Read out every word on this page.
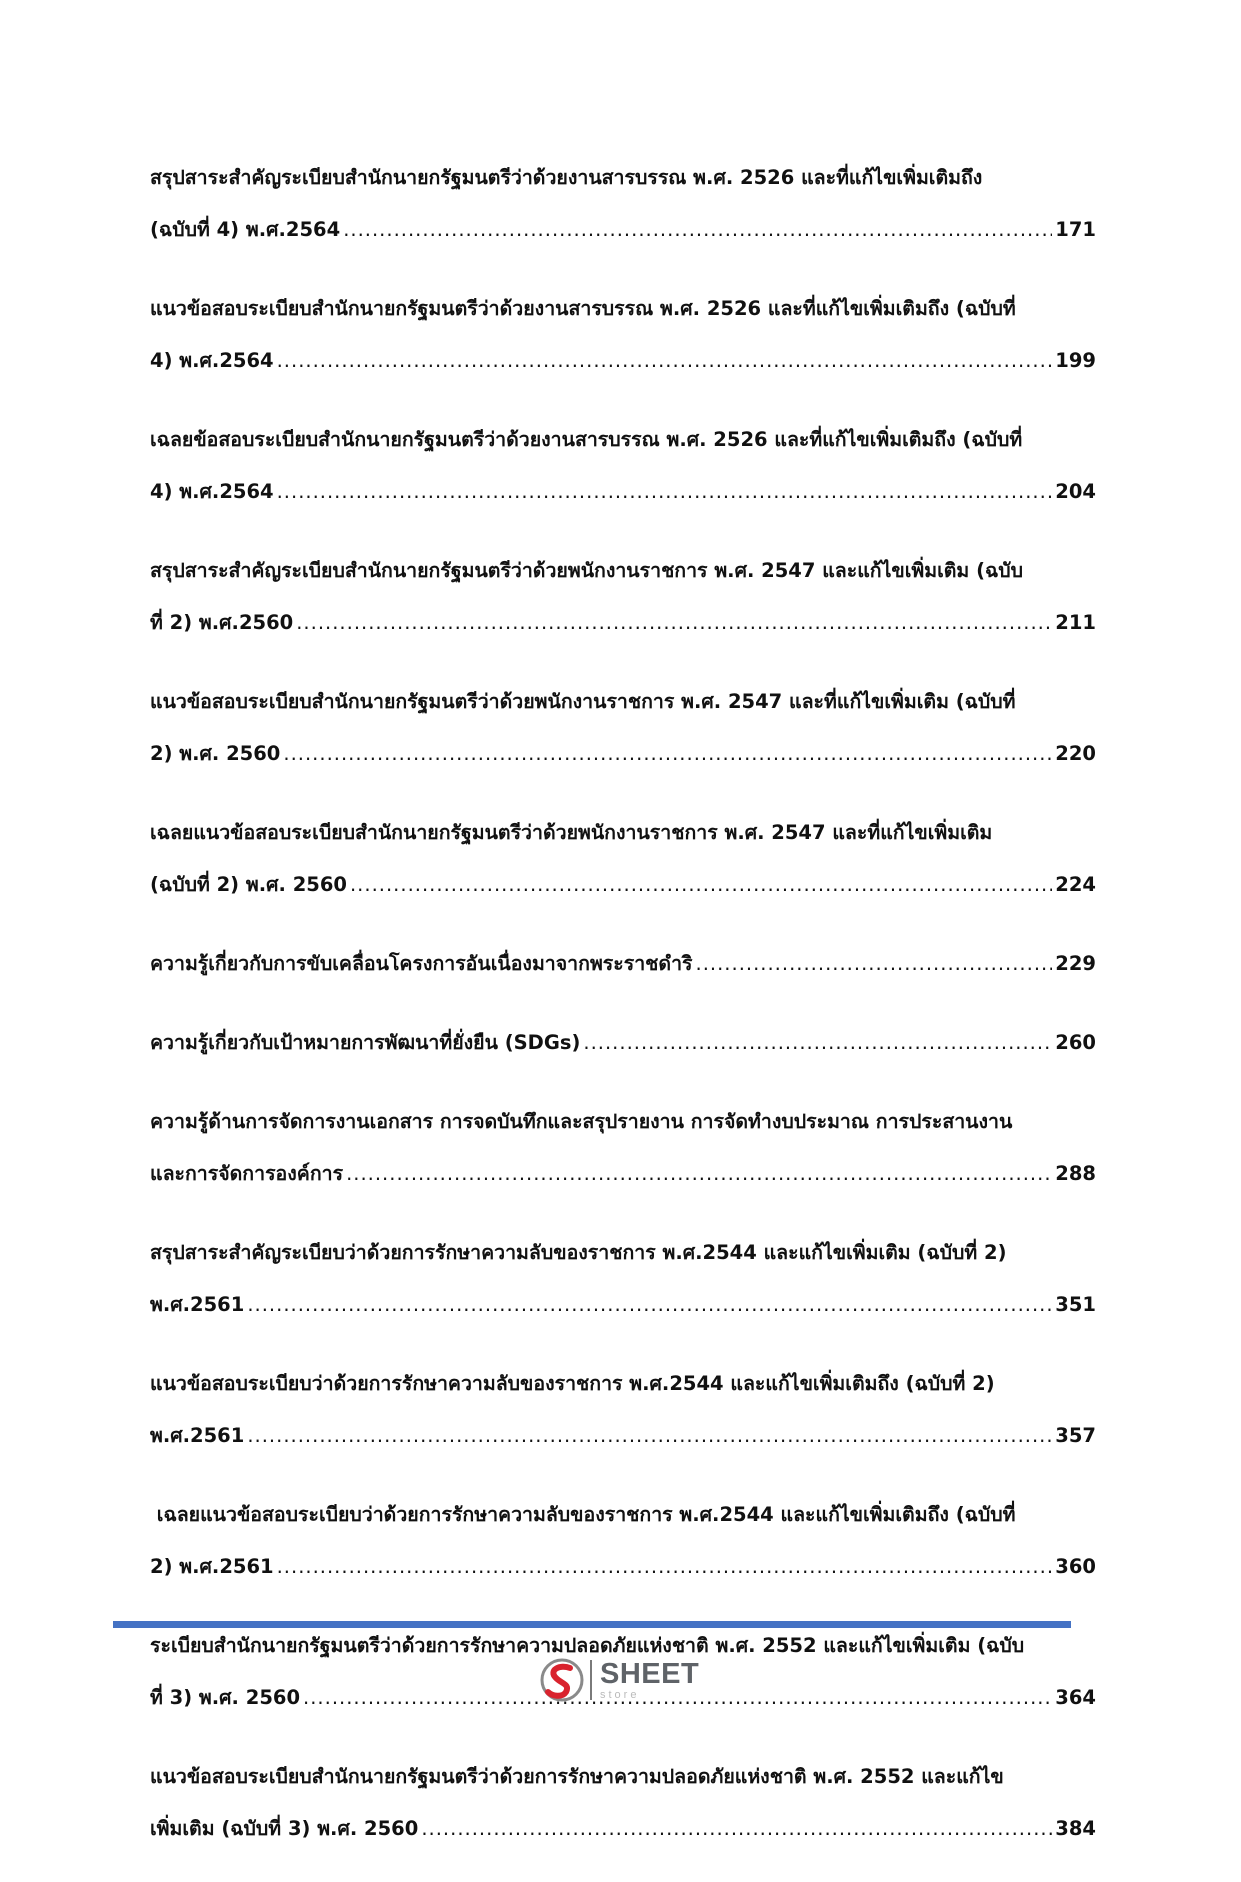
สรุปสาระสำคัญระเบียบสำนักนายกรัฐมนตรีว่าด้วยงานสารบรรณ พ.ศ. 2526 และที่แก้ไขเพิ่มเติมถึง
(ฉบับที่ 4) พ.ศ.2564 .....	171
แนวข้อสอบระเบียบสำนักนายกรัฐมนตรีว่าด้วยงานสารบรรณ พ.ศ. 2526 และที่แก้ไขเพิ่มเติมถึง (ฉบับที่
4) พ.ศ.2564 .....	199
เฉลยข้อสอบระเบียบสำนักนายกรัฐมนตรีว่าด้วยงานสารบรรณ พ.ศ. 2526 และที่แก้ไขเพิ่มเติมถึง (ฉบับที่
4) พ.ศ.2564 .....	204
สรุปสาระสำคัญระเบียบสำนักนายกรัฐมนตรีว่าด้วยพนักงานราชการ พ.ศ. 2547 และแก้ไขเพิ่มเติม (ฉบับ
ที่ 2) พ.ศ.2560 .....	211
แนวข้อสอบระเบียบสำนักนายกรัฐมนตรีว่าด้วยพนักงานราชการ พ.ศ. 2547 และที่แก้ไขเพิ่มเติม (ฉบับที่
2) พ.ศ. 2560 .....	220
เฉลยแนวข้อสอบระเบียบสำนักนายกรัฐมนตรีว่าด้วยพนักงานราชการ พ.ศ. 2547 และที่แก้ไขเพิ่มเติม
(ฉบับที่ 2) พ.ศ. 2560 .....	224
ความรู้เกี่ยวกับการขับเคลื่อนโครงการอันเนื่องมาจากพระราชดำริ .....	229
ความรู้เกี่ยวกับเป้าหมายการพัฒนาที่ยั่งยืน (SDGs) .....	260
ความรู้ด้านการจัดการงานเอกสาร การจดบันทึกและสรุปรายงาน การจัดทำงบประมาณ การประสานงาน
และการจัดการองค์การ .....	288
สรุปสาระสำคัญระเบียบว่าด้วยการรักษาความลับของราชการ พ.ศ.2544 และแก้ไขเพิ่มเติม (ฉบับที่ 2)
พ.ศ.2561 .....	351
แนวข้อสอบระเบียบว่าด้วยการรักษาความลับของราชการ พ.ศ.2544 และแก้ไขเพิ่มเติมถึง (ฉบับที่ 2)
พ.ศ.2561 .....	357
เฉลยแนวข้อสอบระเบียบว่าด้วยการรักษาความลับของราชการ พ.ศ.2544 และแก้ไขเพิ่มเติมถึง (ฉบับที่
2) พ.ศ.2561 .....	360
ระเบียบสำนักนายกรัฐมนตรีว่าด้วยการรักษาความปลอดภัยแห่งชาติ พ.ศ. 2552 และแก้ไขเพิ่มเติม (ฉบับ
ที่ 3) พ.ศ. 2560 .....	364
แนวข้อสอบระเบียบสำนักนายกรัฐมนตรีว่าด้วยการรักษาความปลอดภัยแห่งชาติ พ.ศ. 2552 และแก้ไข
เพิ่มเติม (ฉบับที่ 3) พ.ศ. 2560 .....	384
SHEET
store
